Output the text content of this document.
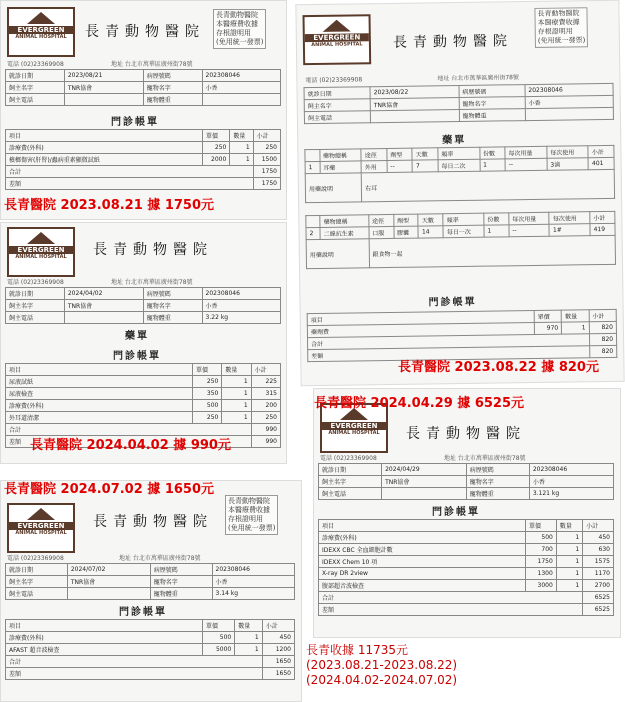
EVERGREEN
ANIMAL HOSPITAL	長青動物醫院
長青動物醫院
本醫療費收據
存根證明用
(免用統一發票)
電話 (02)23369908	地址 台北市萬華區廣州街78號
就診日期	2023/08/21	病歷號碼	202308046
飼主名字	TNR協會	寵物名字	小香
飼主電話		寵物體重	
門診帳單
項目	單價	數量	小計
診療費(外科)	250	1	250
檳榔傷害(肝腎)/蟲病重素顯微試紙	2000	1	1500
合計			1750
差額			1750
長青醫院 2023.08.21 據 1750元
EVERGREEN
ANIMAL HOSPITAL	長青動物醫院
長青動物醫院
本醫療費收據
存根證明用
(免用統一發票)
電話 (02)23369908	地址 台北市萬華區廣州街78號
就診日期	2023/08/22	病歷號碼	202308046
飼主名字	TNR協會	寵物名字	小香
飼主電話		寵物體重	
藥單
	藥物總稱	途徑	劑型	天數	頻率	份數	每次用量	每次使用	小計
1	耳藥	外用	--	7	每日二次	1	--	3滴	401
用藥說明		右耳							
	藥物總稱	途徑	劑型	天數	頻率	份數	每次用量	每次使用	小計
2	二線抗生素	口服	膠囊	14	每日一次	1	--	1#	419
用藥說明		跟食物一起							
門診帳單
項目	單價	數量	小計
藥劑費	970	1	820
合計			820
差額			820
長青醫院 2023.08.22 據 820元
EVERGREEN
ANIMAL HOSPITAL	長青動物醫院
電話 (02)23369908	地址 台北市萬華區廣州街78號
就診日期	2024/04/02	病歷號碼	202308046
飼主名字	TNR協會	寵物名字	小香
飼主電話		寵物體重	3.22 kg
藥單
門診帳單
項目	單價	數量	小計
尿液試紙	250	1	225
尿液檢查	350	1	315
診療費(外科)	500	1	200
外耳道清潔	250	1	250
合計			990
差額			990
長青醫院 2024.04.02 據 990元
EVERGREEN
ANIMAL HOSPITAL	長青動物醫院
電話 (02)23369908	地址 台北市萬華區廣州街78號
就診日期	2024/04/29	病歷號碼	202308046
飼主名字	TNR協會	寵物名字	小香
飼主電話		寵物體重	3.121 kg
門診帳單
項目	單價	數量	小計
診療費(外科)	500	1	450
IDEXX CBC 全血細胞計數	700	1	630
IDEXX Chem 10 項	1750	1	1575
X-ray DR 2view	1300	1	1170
腹部超音波檢查	3000	1	2700
合計			6525
差額			6525
長青醫院 2024.04.29 據 6525元
EVERGREEN
ANIMAL HOSPITAL
長青動物醫院
長青動物醫院
本醫療費收據
存根證明用
(免用統一發票)
電話 (02)23369908	地址 台北市萬華區廣州街78號
就診日期	2024/07/02	病歷號碼	202308046
飼主名字	TNR協會	寵物名字	小香
飼主電話		寵物體重	3.14 kg
門診帳單
項目	單價	數量	小計
診療費(外科)	500	1	450
AFAST 超音波檢查	5000	1	1200
合計			1650
差額			1650
長青醫院 2024.07.02 據 1650元
長青收據 11735元
(2023.08.21-2023.08.22)
(2024.04.02-2024.07.02)
